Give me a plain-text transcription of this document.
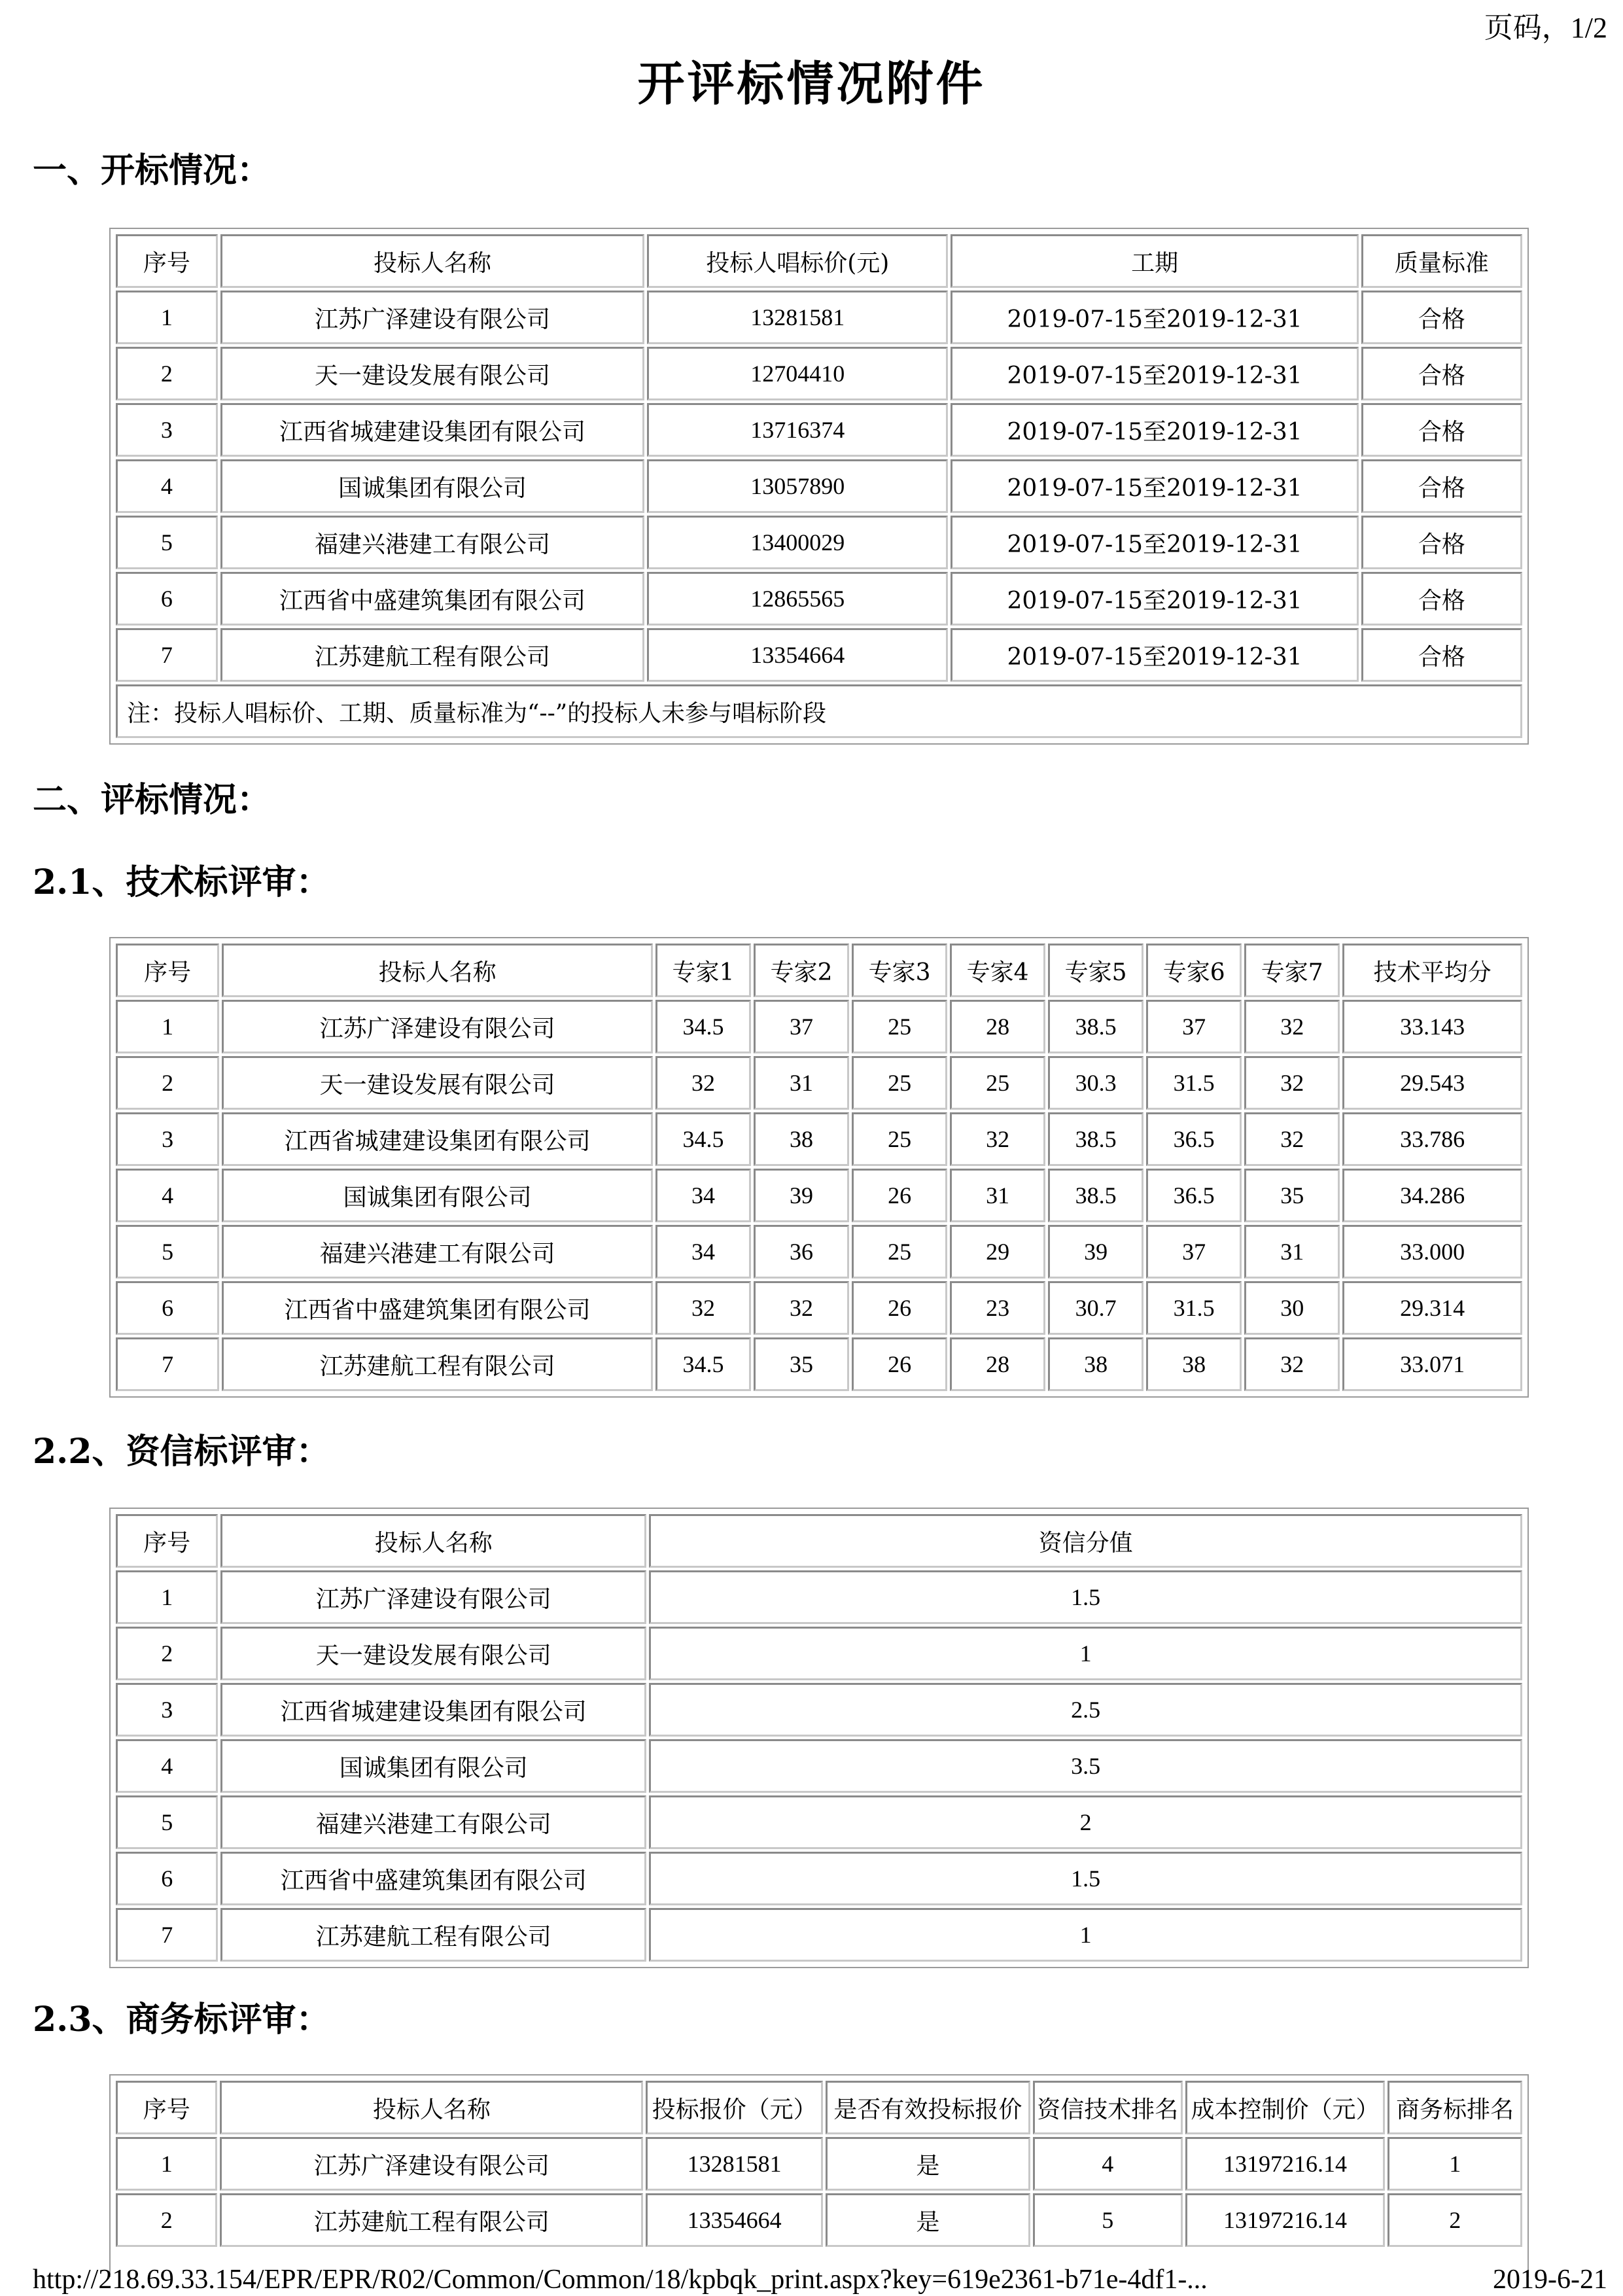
页码，1/2
开评标情况附件
一、开标情况：
序号	投标人名称	投标人唱标价(元)	工期	质量标准
1	江苏广泽建设有限公司	13281581	2019-07-15至2019-12-31	合格
2	天一建设发展有限公司	12704410	2019-07-15至2019-12-31	合格
3	江西省城建建设集团有限公司	13716374	2019-07-15至2019-12-31	合格
4	国诚集团有限公司	13057890	2019-07-15至2019-12-31	合格
5	福建兴港建工有限公司	13400029	2019-07-15至2019-12-31	合格
6	江西省中盛建筑集团有限公司	12865565	2019-07-15至2019-12-31	合格
7	江苏建航工程有限公司	13354664	2019-07-15至2019-12-31	合格
注：投标人唱标价、工期、质量标准为“--”的投标人未参与唱标阶段				
二、评标情况：
2.1、技术标评审：
序号	投标人名称	专家1	专家2	专家3	专家4	专家5	专家6	专家7	技术平均分
1	江苏广泽建设有限公司	34.5	37	25	28	38.5	37	32	33.143
2	天一建设发展有限公司	32	31	25	25	30.3	31.5	32	29.543
3	江西省城建建设集团有限公司	34.5	38	25	32	38.5	36.5	32	33.786
4	国诚集团有限公司	34	39	26	31	38.5	36.5	35	34.286
5	福建兴港建工有限公司	34	36	25	29	39	37	31	33.000
6	江西省中盛建筑集团有限公司	32	32	26	23	30.7	31.5	30	29.314
7	江苏建航工程有限公司	34.5	35	26	28	38	38	32	33.071
2.2、资信标评审：
序号	投标人名称	资信分值
1	江苏广泽建设有限公司	1.5
2	天一建设发展有限公司	1
3	江西省城建建设集团有限公司	2.5
4	国诚集团有限公司	3.5
5	福建兴港建工有限公司	2
6	江西省中盛建筑集团有限公司	1.5
7	江苏建航工程有限公司	1
2.3、商务标评审：
序号	投标人名称	投标报价（元）	是否有效投标报价	资信技术排名	成本控制价（元）	商务标排名
1	江苏广泽建设有限公司	13281581	是	4	13197216.14	1
2	江苏建航工程有限公司	13354664	是	5	13197216.14	2
http://218.69.33.154/EPR/EPR/R02/Common/Common/18/kpbqk_print.aspx?key=619e2361-b71e-4df1-...	2019-6-21
